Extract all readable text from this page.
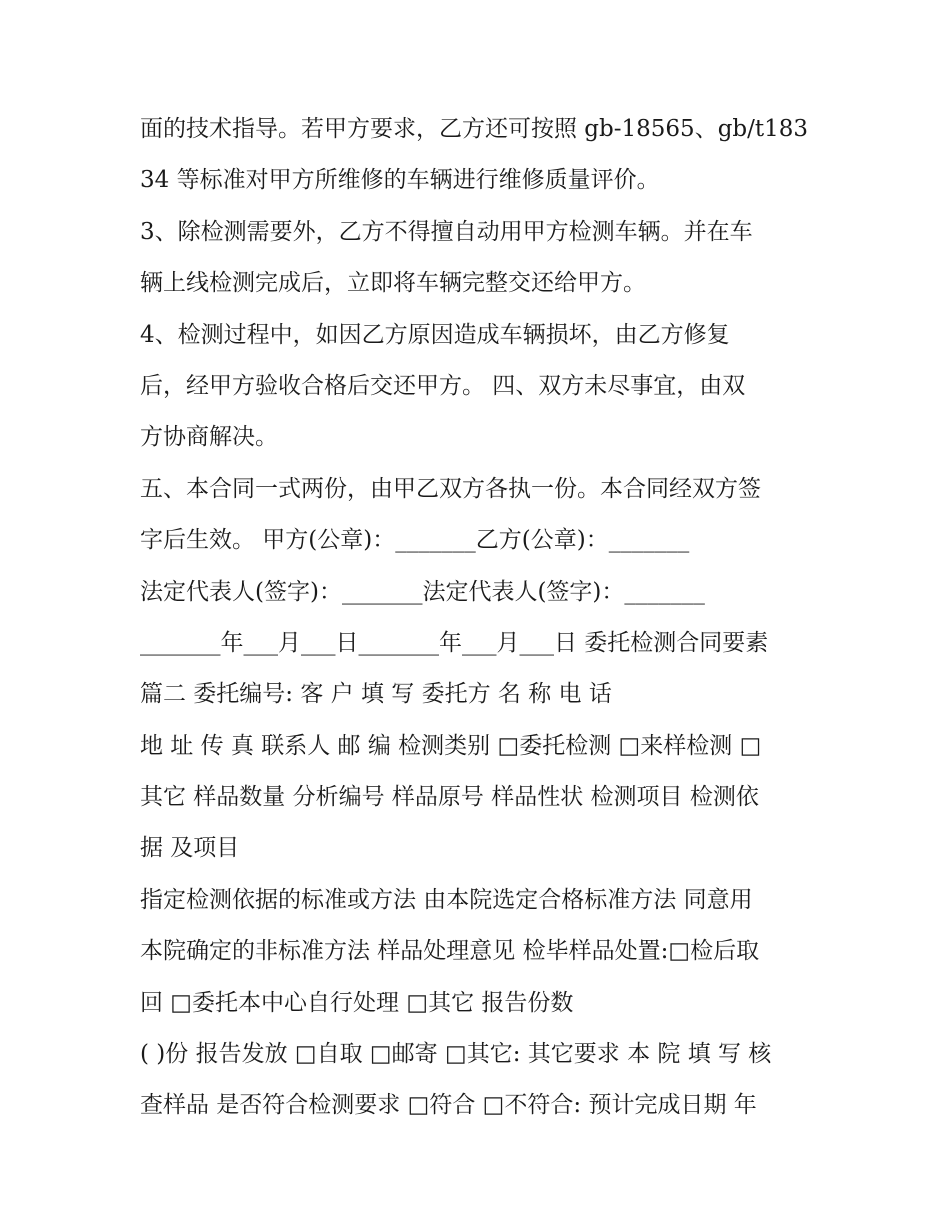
面的技术指导。若甲方要求，乙方还可按照 gb-18565、gb/t183
34 等标准对甲方所维修的车辆进行维修质量评价。
3、除检测需要外，乙方不得擅自动用甲方检测车辆。并在车
辆上线检测完成后，立即将车辆完整交还给甲方。
4、检测过程中，如因乙方原因造成车辆损坏，由乙方修复
后，经甲方验收合格后交还甲方。 四、双方未尽事宜，由双
方协商解决。
五、本合同一式两份，由甲乙双方各执一份。本合同经双方签
字后生效。 甲方(公章)：_______乙方(公章)：_______
法定代表人(签字)：_______法定代表人(签字)：_______
_______年___月___日_______年___月___日 委托检测合同要素
篇二 委托编号: 客 户 填 写 委托方 名 称 电 话
地 址 传 真 联系人 邮 编 检测类别 □委托检测 □来样检测 □
其它 样品数量 分析编号 样品原号 样品性状 检测项目 检测依
据 及项目
指定检测依据的标准或方法 由本院选定合格标准方法 同意用
本院确定的非标准方法 样品处理意见 检毕样品处置:□检后取
回 □委托本中心自行处理 □其它 报告份数
( )份 报告发放 □自取 □邮寄 □其它: 其它要求 本 院 填 写 核
查样品 是否符合检测要求 □符合 □不符合: 预计完成日期 年
